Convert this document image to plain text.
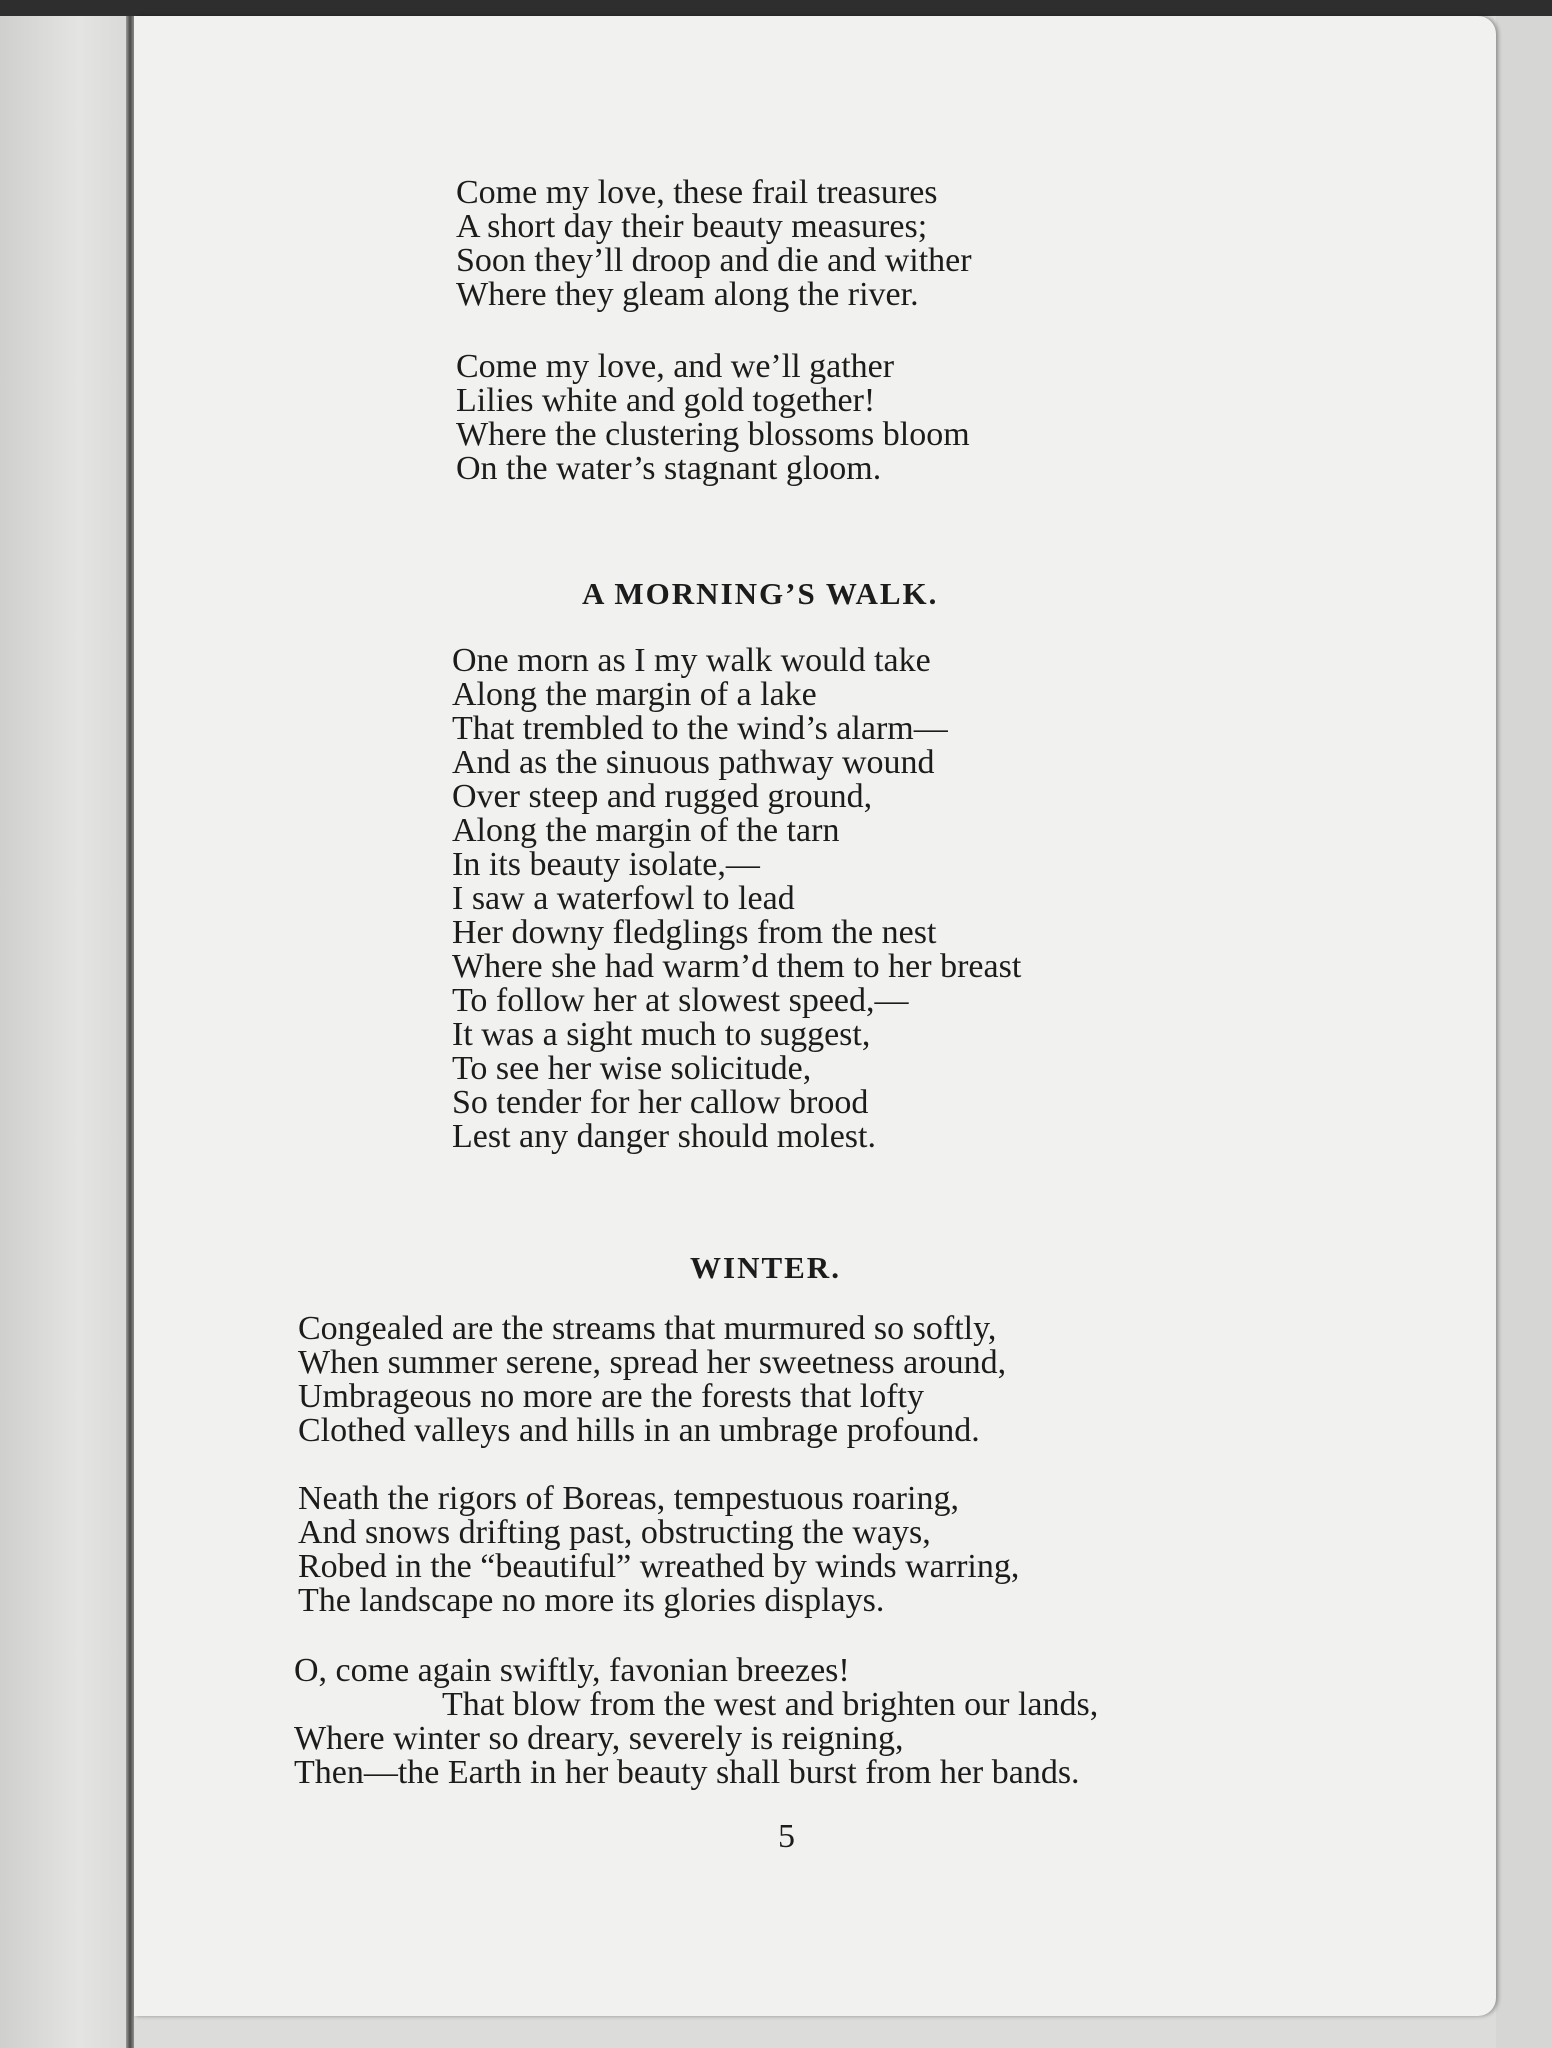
Come my love, these frail treasures
A short day their beauty measures;
Soon they’ll droop and die and wither
Where they gleam along the river.
Come my love, and we’ll gather
Lilies white and gold together!
Where the clustering blossoms bloom
On the water’s stagnant gloom.
A MORNING’S WALK.
One morn as I my walk would take
Along the margin of a lake
That trembled to the wind’s alarm—
And as the sinuous pathway wound
Over steep and rugged ground,
Along the margin of the tarn
In its beauty isolate,—
I saw a waterfowl to lead
Her downy fledglings from the nest
Where she had warm’d them to her breast
To follow her at slowest speed,—
It was a sight much to suggest,
To see her wise solicitude,
So tender for her callow brood
Lest any danger should molest.
WINTER.
Congealed are the streams that murmured so softly,
When summer serene, spread her sweetness around,
Umbrageous no more are the forests that lofty
Clothed valleys and hills in an umbrage profound.
Neath the rigors of Boreas, tempestuous roaring,
And snows drifting past, obstructing the ways,
Robed in the “beautiful” wreathed by winds warring,
The landscape no more its glories displays.
O, come again swiftly, favonian breezes!
That blow from the west and brighten our lands,
Where winter so dreary, severely is reigning,
Then—the Earth in her beauty shall burst from her bands.
5
